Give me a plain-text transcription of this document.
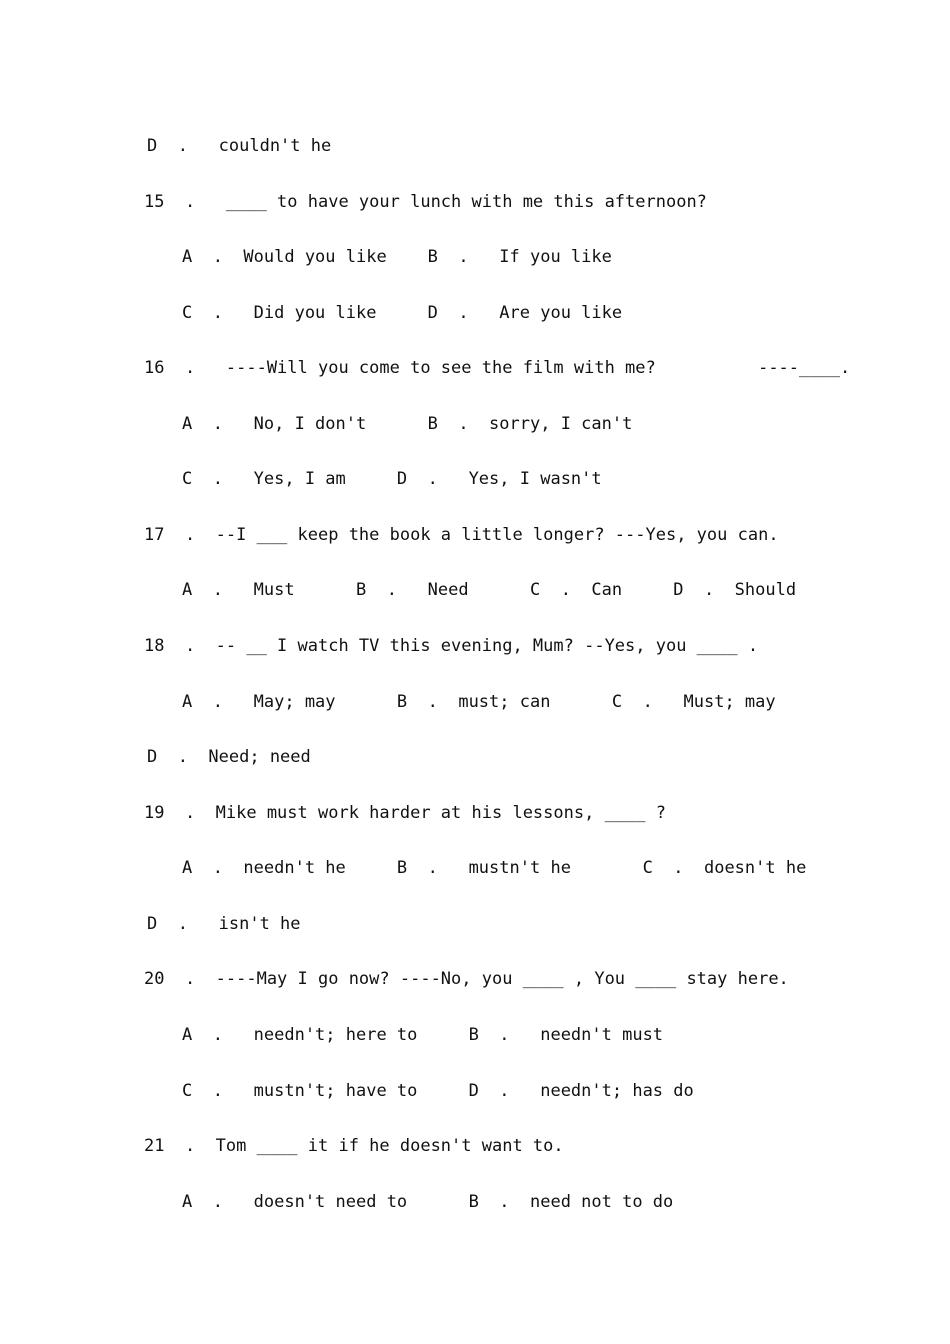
D  .   couldn't he
15  .   ____ to have your lunch with me this afternoon?
A  .  Would you like    B  .   If you like
C  .   Did you like     D  .   Are you like
16  .   ----Will you come to see the film with me?          ----____.
A  .   No, I don't      B  .  sorry, I can't
C  .   Yes, I am     D  .   Yes, I wasn't
17  .  --I ___ keep the book a little longer? ---Yes, you can.
A  .   Must      B  .   Need      C  .  Can     D  .  Should
18  .  -- __ I watch TV this evening, Mum? --Yes, you ____ .
A  .   May; may      B  .  must; can      C  .   Must; may
D  .  Need; need
19  .  Mike must work harder at his lessons, ____ ?
A  .  needn't he     B  .   mustn't he       C  .  doesn't he
D  .   isn't he
20  .  ----May I go now? ----No, you ____ , You ____ stay here.
A  .   needn't; here to     B  .   needn't must
C  .   mustn't; have to     D  .   needn't; has do
21  .  Tom ____ it if he doesn't want to.
A  .   doesn't need to      B  .  need not to do
